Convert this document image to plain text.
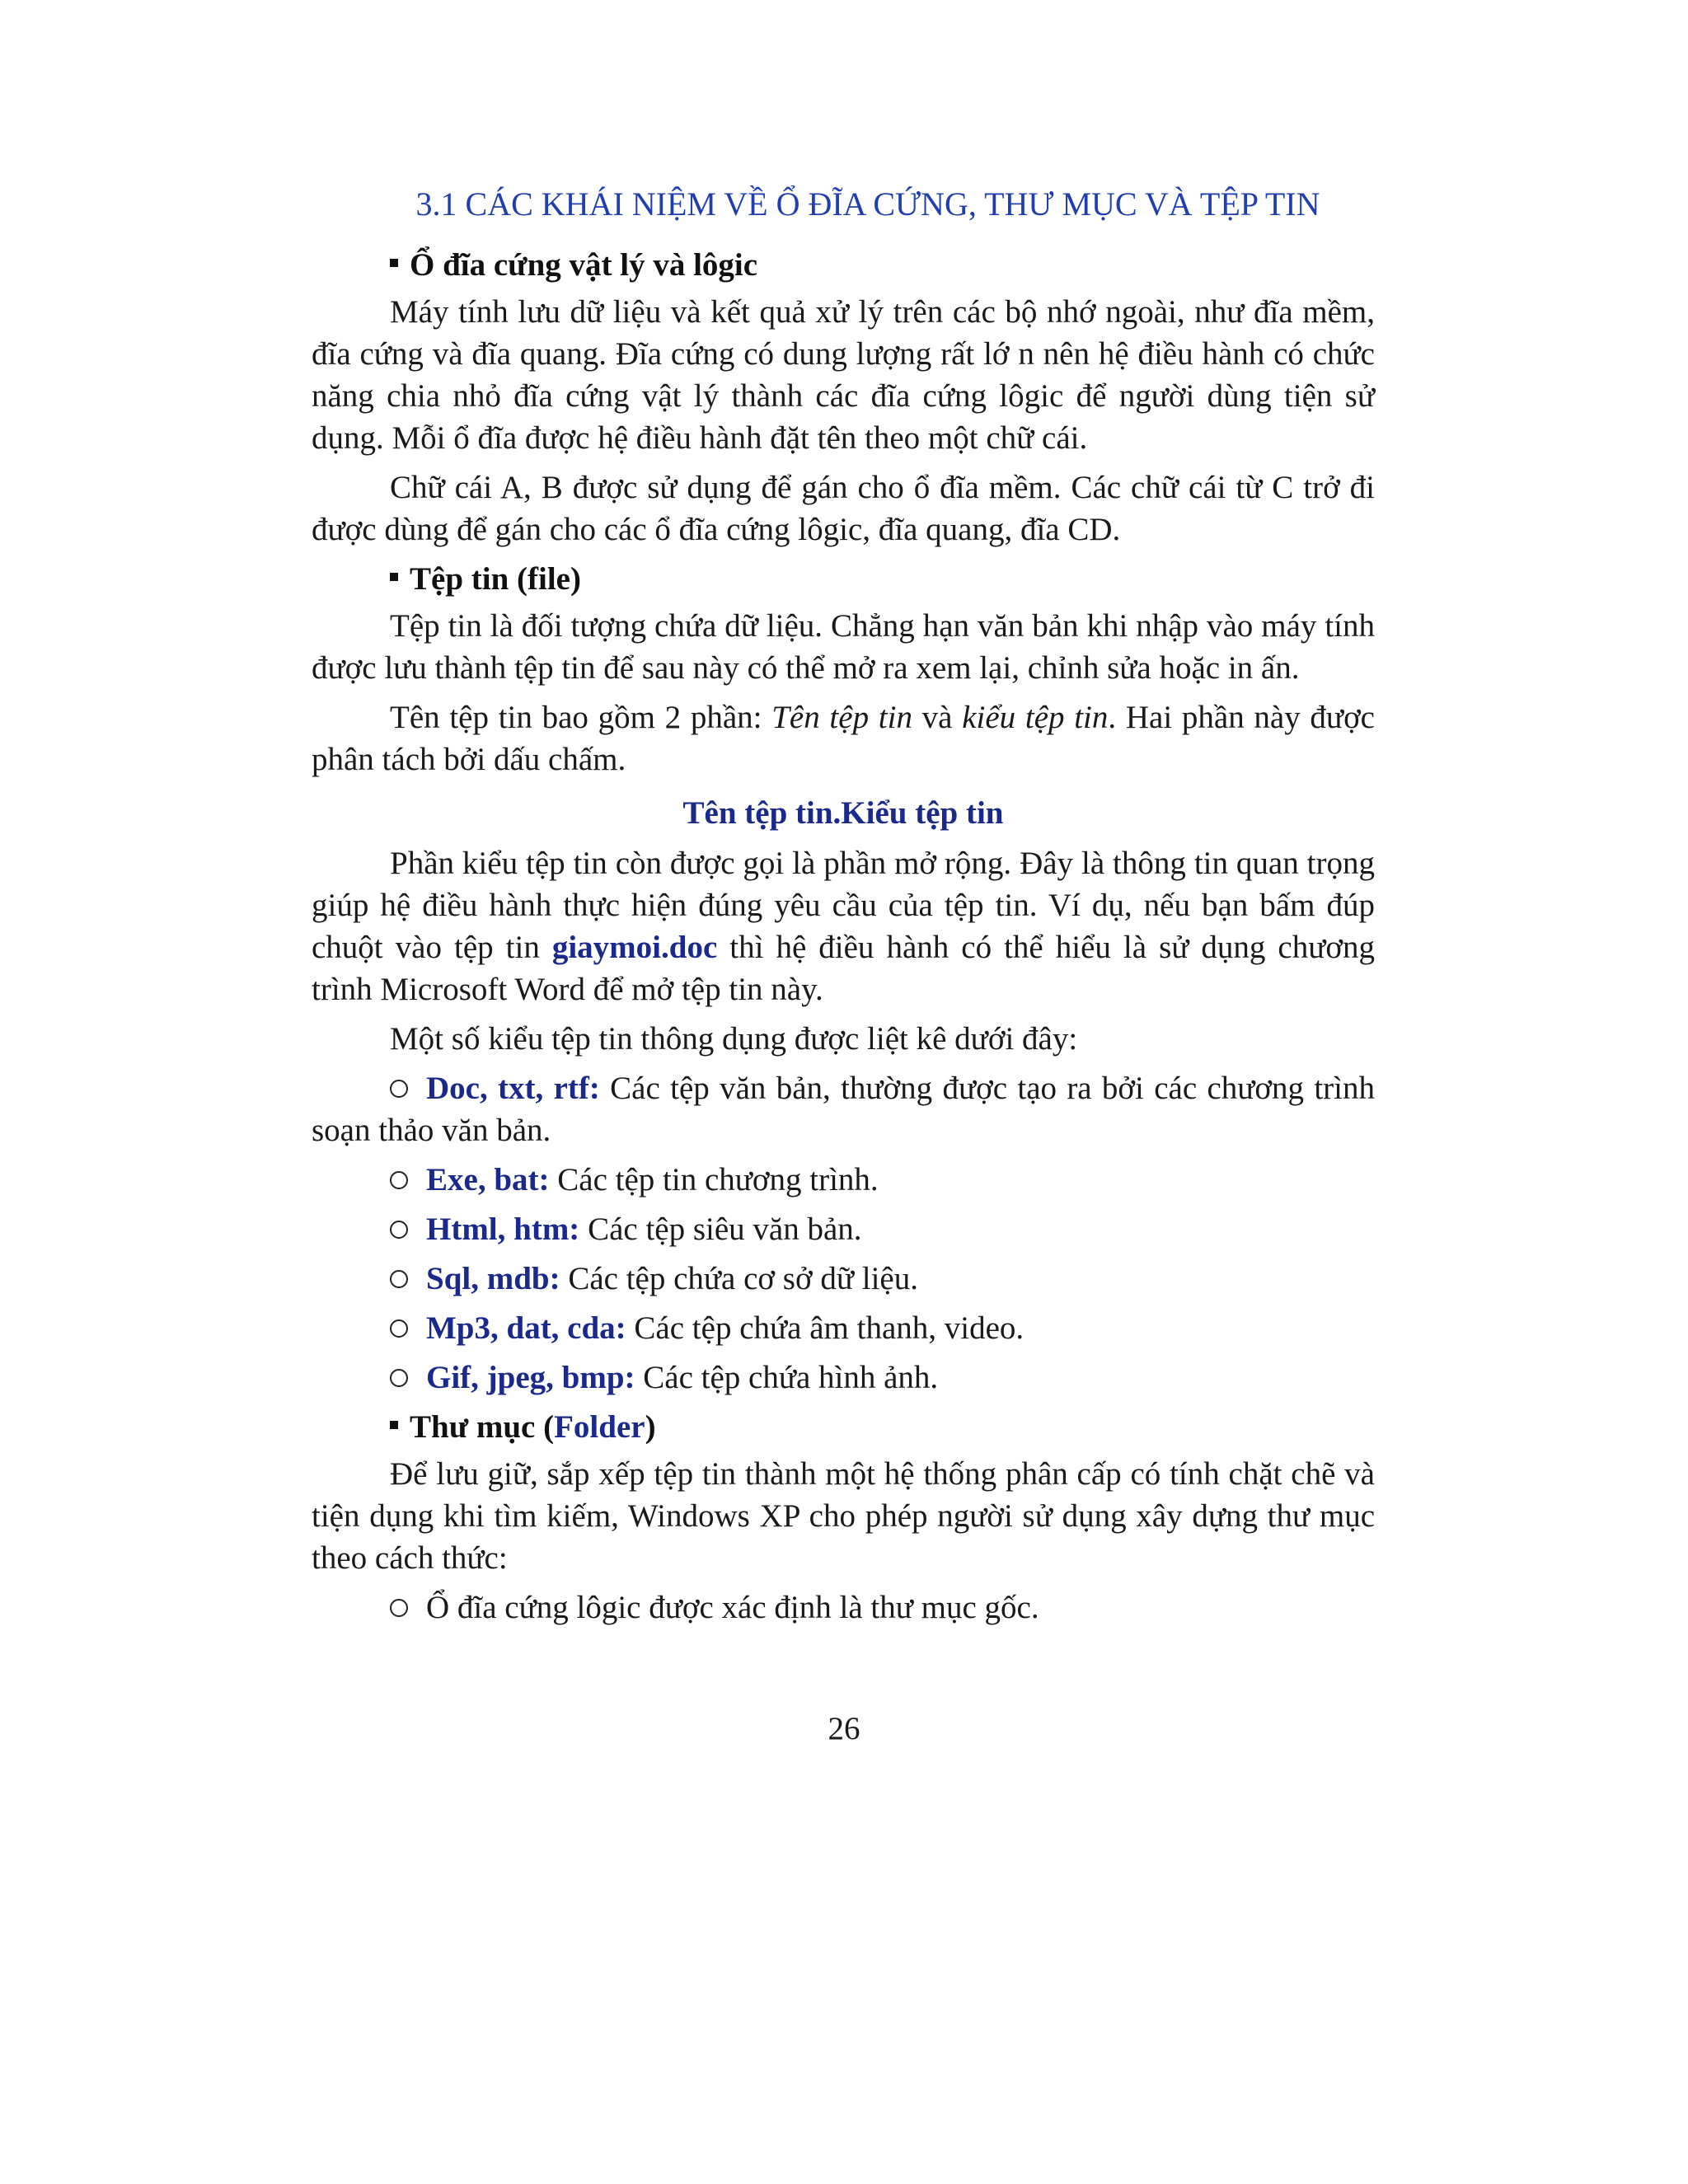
3.1 CÁC KHÁI NIỆM VỀ Ổ ĐĨA CỨNG, THƯ MỤC VÀ TỆP TIN
Ổ đĩa cứng vật lý và lôgic

Máy tính lưu dữ liệu và kết quả xử lý trên các bộ nhớ ngoài, như đĩa mềm, đĩa cứng và đĩa quang. Đĩa cứng có dung lượng rất lớ n nên hệ điều hành có chức năng chia nhỏ đĩa cứng vật lý thành các đĩa cứng lôgic để người dùng tiện sử dụng. Mỗi ổ đĩa được hệ điều hành đặt tên theo một chữ cái.

Chữ cái A, B được sử dụng để gán cho ổ đĩa mềm. Các chữ cái từ C trở đi được dùng để gán cho các ổ đĩa cứng lôgic, đĩa quang, đĩa CD.

Tệp tin (file)

Tệp tin là đối tượng chứa dữ liệu. Chẳng hạn văn bản khi nhập vào máy tính được lưu thành tệp tin để sau này có thể mở ra xem lại, chỉnh sửa hoặc in ấn.

Tên tệp tin bao gồm 2 phần: Tên tệp tin và kiểu tệp tin. Hai phần này được phân tách bởi dấu chấm.

Tên tệp tin.Kiểu tệp tin

Phần kiểu tệp tin còn được gọi là phần mở rộng. Đây là thông tin quan trọng giúp hệ điều hành thực hiện đúng yêu cầu của tệp tin. Ví dụ, nếu bạn bấm đúp chuột vào tệp tin giaymoi.doc thì hệ điều hành có thể hiểu là sử dụng chương trình Microsoft Word để mở tệp tin này.

Một số kiểu tệp tin thông dụng được liệt kê dưới đây:

Doc, txt, rtf: Các tệp văn bản, thường được tạo ra bởi các chương trình soạn thảo văn bản.

Exe, bat: Các tệp tin chương trình.

Html, htm: Các tệp siêu văn bản.

Sql, mdb: Các tệp chứa cơ sở dữ liệu.

Mp3, dat, cda: Các tệp chứa âm thanh, video.

Gif, jpeg, bmp: Các tệp chứa hình ảnh.

Thư mục (Folder)

Để lưu giữ, sắp xếp tệp tin thành một hệ thống phân cấp có tính chặt chẽ và tiện dụng khi tìm kiếm, Windows XP cho phép người sử dụng xây dựng thư mục theo cách thức:

Ổ đĩa cứng lôgic được xác định là thư mục gốc.

26
